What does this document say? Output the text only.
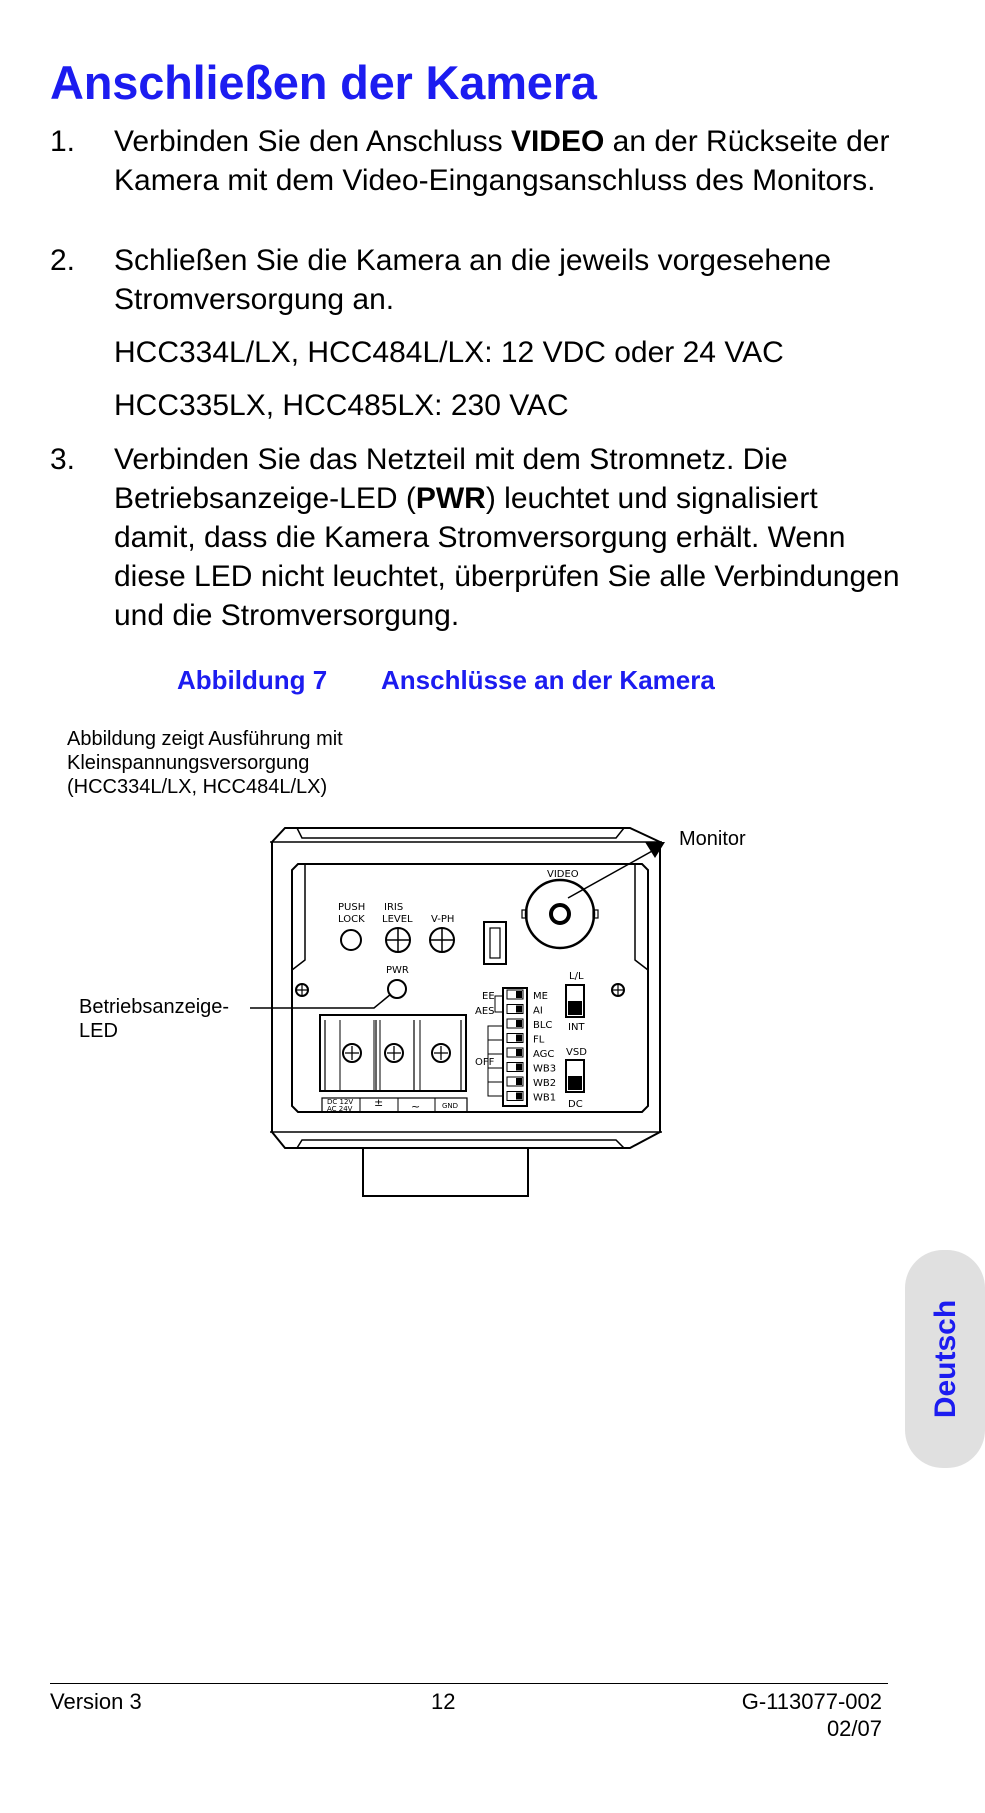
Anschließen der Kamera
1. Verbinden Sie den Anschluss VIDEO an der Rückseite der Kamera mit dem Video-Eingangsanschluss des Monitors.
2. Schließen Sie die Kamera an die jeweils vorgesehene Stromversorgung an.
HCC334L/LX, HCC484L/LX: 12 VDC oder 24 VAC
HCC335LX, HCC485LX: 230 VAC
3. Verbinden Sie das Netzteil mit dem Stromnetz. Die Betriebsanzeige-LED (PWR) leuchtet und signalisiert damit, dass die Kamera Stromversorgung erhält. Wenn diese LED nicht leuchtet, überprüfen Sie alle Verbindungen und die Stromversorgung.
Abbildung 7 Anschlüsse an der Kamera
Abbildung zeigt Ausführung mit Kleinspannungsversorgung (HCC334L/LX, HCC484L/LX)
Monitor
Betriebsanzeige-LED
VIDEO
PUSH
LOCK
IRIS
LEVEL V-PH
PWR
L/L
INT
VSD
DC
EE
AES
OFF
ME
AI
BLC
FL
AGC
WB3
WB2
WB1
DC 12V
AC 24V	GND
±	~
Deutsch
Version 3	12	G-113077-002
02/07
